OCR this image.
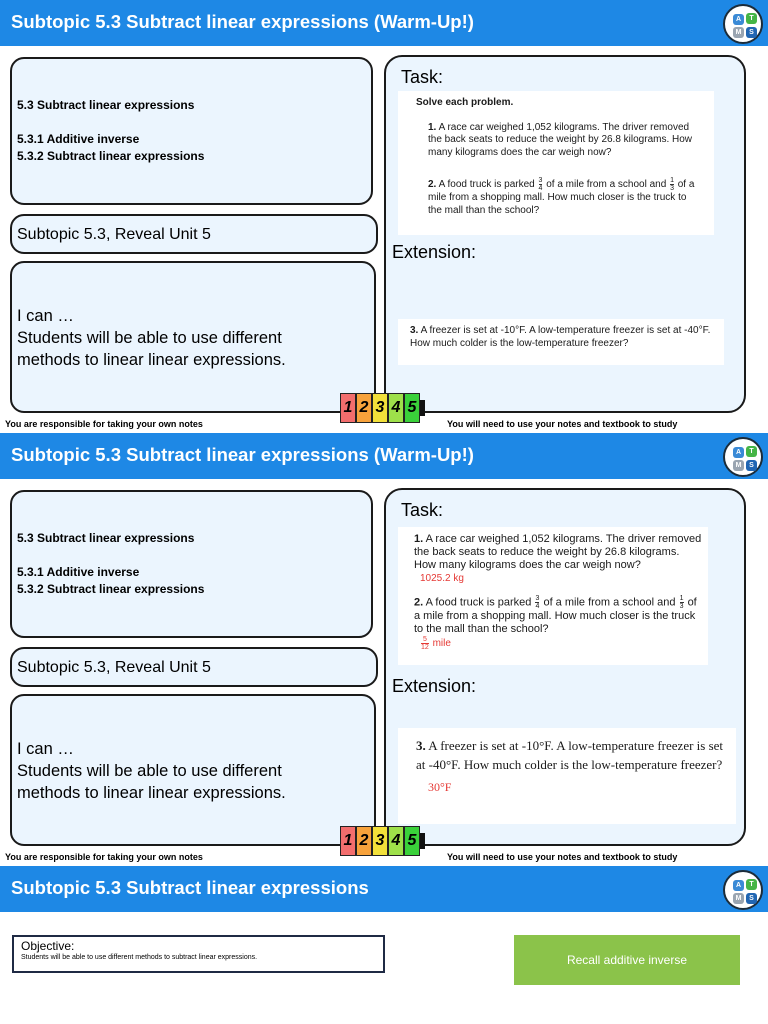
Subtopic 5.3 Subtract linear expressions (Warm-Up!)	A	T
M	S
5.3 Subtract linear expressions
5.3.1 Additive inverse
5.3.2 Subtract linear expressions
Subtopic 5.3, Reveal Unit 5
I can …
Students will be able to use different
methods to linear linear expressions.
Task:
Solve each problem.
1. A race car weighed 1,052 kilograms. The driver removed the back seats to reduce the weight by 26.8 kilograms. How many kilograms does the car weigh now?
2. A food truck is parked $\frac{3}{4}$ of a mile from a school and $\frac{1}{3}$ of a mile from a shopping mall. How much closer is the truck to the mall than the school?
Extension:
3. A freezer is set at -10°F. A low-temperature freezer is set at -40°F. How much colder is the low-temperature freezer?
1 2 3 4 5
You are responsible for taking your own notes	You will need to use your notes and textbook to study
Subtopic 5.3 Subtract linear expressions (Warm-Up!)	A	T
M	S
5.3 Subtract linear expressions
5.3.1 Additive inverse
5.3.2 Subtract linear expressions
Subtopic 5.3, Reveal Unit 5
I can …
Students will be able to use different
methods to linear linear expressions.
Task:
1. A race car weighed 1,052 kilograms. The driver removed the back seats to reduce the weight by 26.8 kilograms. How many kilograms does the car weigh now?
1025.2 kg
2. A food truck is parked $\frac{3}{4}$ of a mile from a school and $\frac{1}{3}$ of a mile from a shopping mall. How much closer is the truck to the mall than the school?
$\frac{5}{12}$ mile
Extension:
3. A freezer is set at -10°F. A low-temperature freezer is set at -40°F. How much colder is the low-temperature freezer?
30°F
1 2 3 4 5
You are responsible for taking your own notes	You will need to use your notes and textbook to study
Subtopic 5.3 Subtract linear expressions	A	T
M	S
Objective:
Students will be able to use different methods to subtract linear expressions.	Recall additive inverse
